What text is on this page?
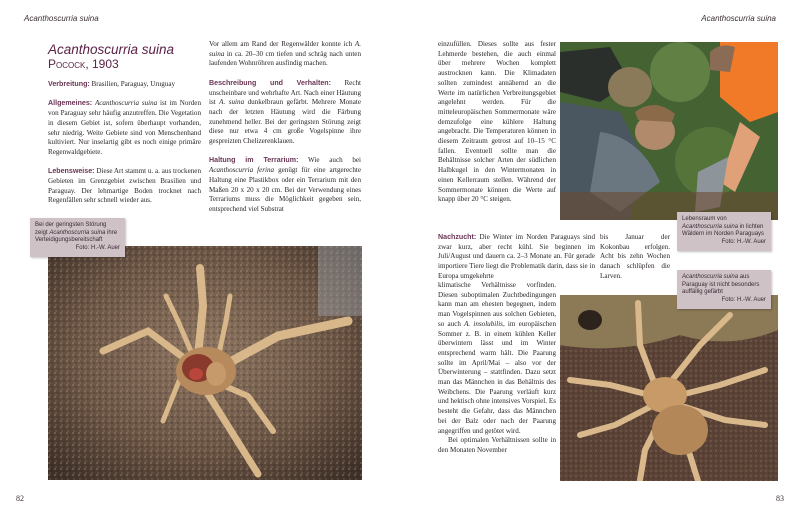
Acanthoscurria suina
Acanthoscurria suina
Pocock, 1903

Verbreitung: Brasilien, Paraguay, Uruguay

Allgemeines: Acanthoscurria suina ist im Norden von Paraguay sehr häufig anzutreffen. Die Vegetation in diesem Gebiet ist, sofern überhaupt vorhanden, sehr niedrig. Weite Gebiete sind von Menschenhand kultiviert. Nur inselartig gibt es noch einige primäre Regenwaldgebiete.

Lebensweise: Diese Art stammt u. a. aus trockenen Gebieten im Grenzgebiet zwischen Brasilien und Paraguay. Der lehmartige Boden trocknet nach Regenfällen sehr schnell wieder aus.

Vor allem am Rand der Regenwälder konnte ich A. suina in ca. 20–30 cm tiefen und schräg nach unten laufenden Wohnröhren ausfindig machen.

Beschreibung und Verhalten: Recht unscheinbare und wehrhafte Art. Nach einer Häutung ist A. suina dunkelbraun gefärbt. Mehrere Monate nach der letzten Häutung wird die Färbung zunehmend heller. Bei der geringsten Störung zeigt diese nur etwa 4 cm große Vogelspinne ihre gespreizten Chelizerenklauen.

Haltung im Terrarium: Wie auch bei Acanthoscurria ferina genügt für eine artgerechte Haltung eine Plastikbox oder ein Terrarium mit den Maßen 20 x 20 x 20 cm. Bei der Verwendung eines Terrariums muss die Möglichkeit gegeben sein, entsprechend viel Substrat

Bei der geringsten Störung zeigt Acanthoscurria suina ihre Verteidigungsbereitschaft
Foto: H.-W. Auer
82
Acanthoscurria suina

einzufüllen. Dieses sollte aus fester Lehmerde bestehen, die auch einmal über mehrere Wochen komplett austrocknen kann. Die Klimadaten sollten zumindest annähernd an die Werte im natürlichen Verbreitungsgebiet angelehnt werden. Für die mitteleuropäischen Sommermonate wäre demzufolge eine kühlere Haltung angebracht. Die Temperaturen können in diesem Zeitraum getrost auf 10–15 °C fallen. Eventuell sollte man die Behältnisse solcher Arten der südlichen Halbkugel in den Wintermonaten in einen Kellerraum stellen. Während der Sommermonate können die Werte auf knapp über 20 °C steigen.

Nachzucht: Die Winter im Norden Paraguays sind zwar kurz, aber recht kühl. Sie beginnen im Juli/August und dauern ca. 2–3 Monate an. Für gerade importiere Tiere liegt die Problematik darin, dass sie in Europa umgekehrte

klimatische Verhältnisse vorfinden. Diesen suboptimalen Zuchtbedingungen kann man am ehesten begegnen, indem man Vogelspinnen aus solchen Gebieten, so auch A. insolubilis, im europäischen Sommer z. B. in einem kühlen Keller überwintern lässt und im Winter entsprechend warm hält. Die Paarung sollte im April/Mai – also vor der Überwinterung – stattfinden. Dazu setzt man das Männchen in das Behältnis des Weibchens. Die Paarung verläuft kurz und hektisch ohne intensives Vorspiel. Es besteht die Gefahr, dass das Männchen bei der Balz oder nach der Paarung angegriffen und getötet wird.

Bei optimalen Verhältnissen sollte in den Monaten November

bis Januar der Kokonbau erfolgen. Acht bis zehn Wochen danach schlüpfen die Larven.

Lebensraum von Acanthoscurria suina in lichten Wäldern im Norden Paraguays
Foto: H.-W. Auer
Acanthoscurria suina aus Paraguay ist nicht besonders auffällig gefärbt
Foto: H.-W. Auer
83
